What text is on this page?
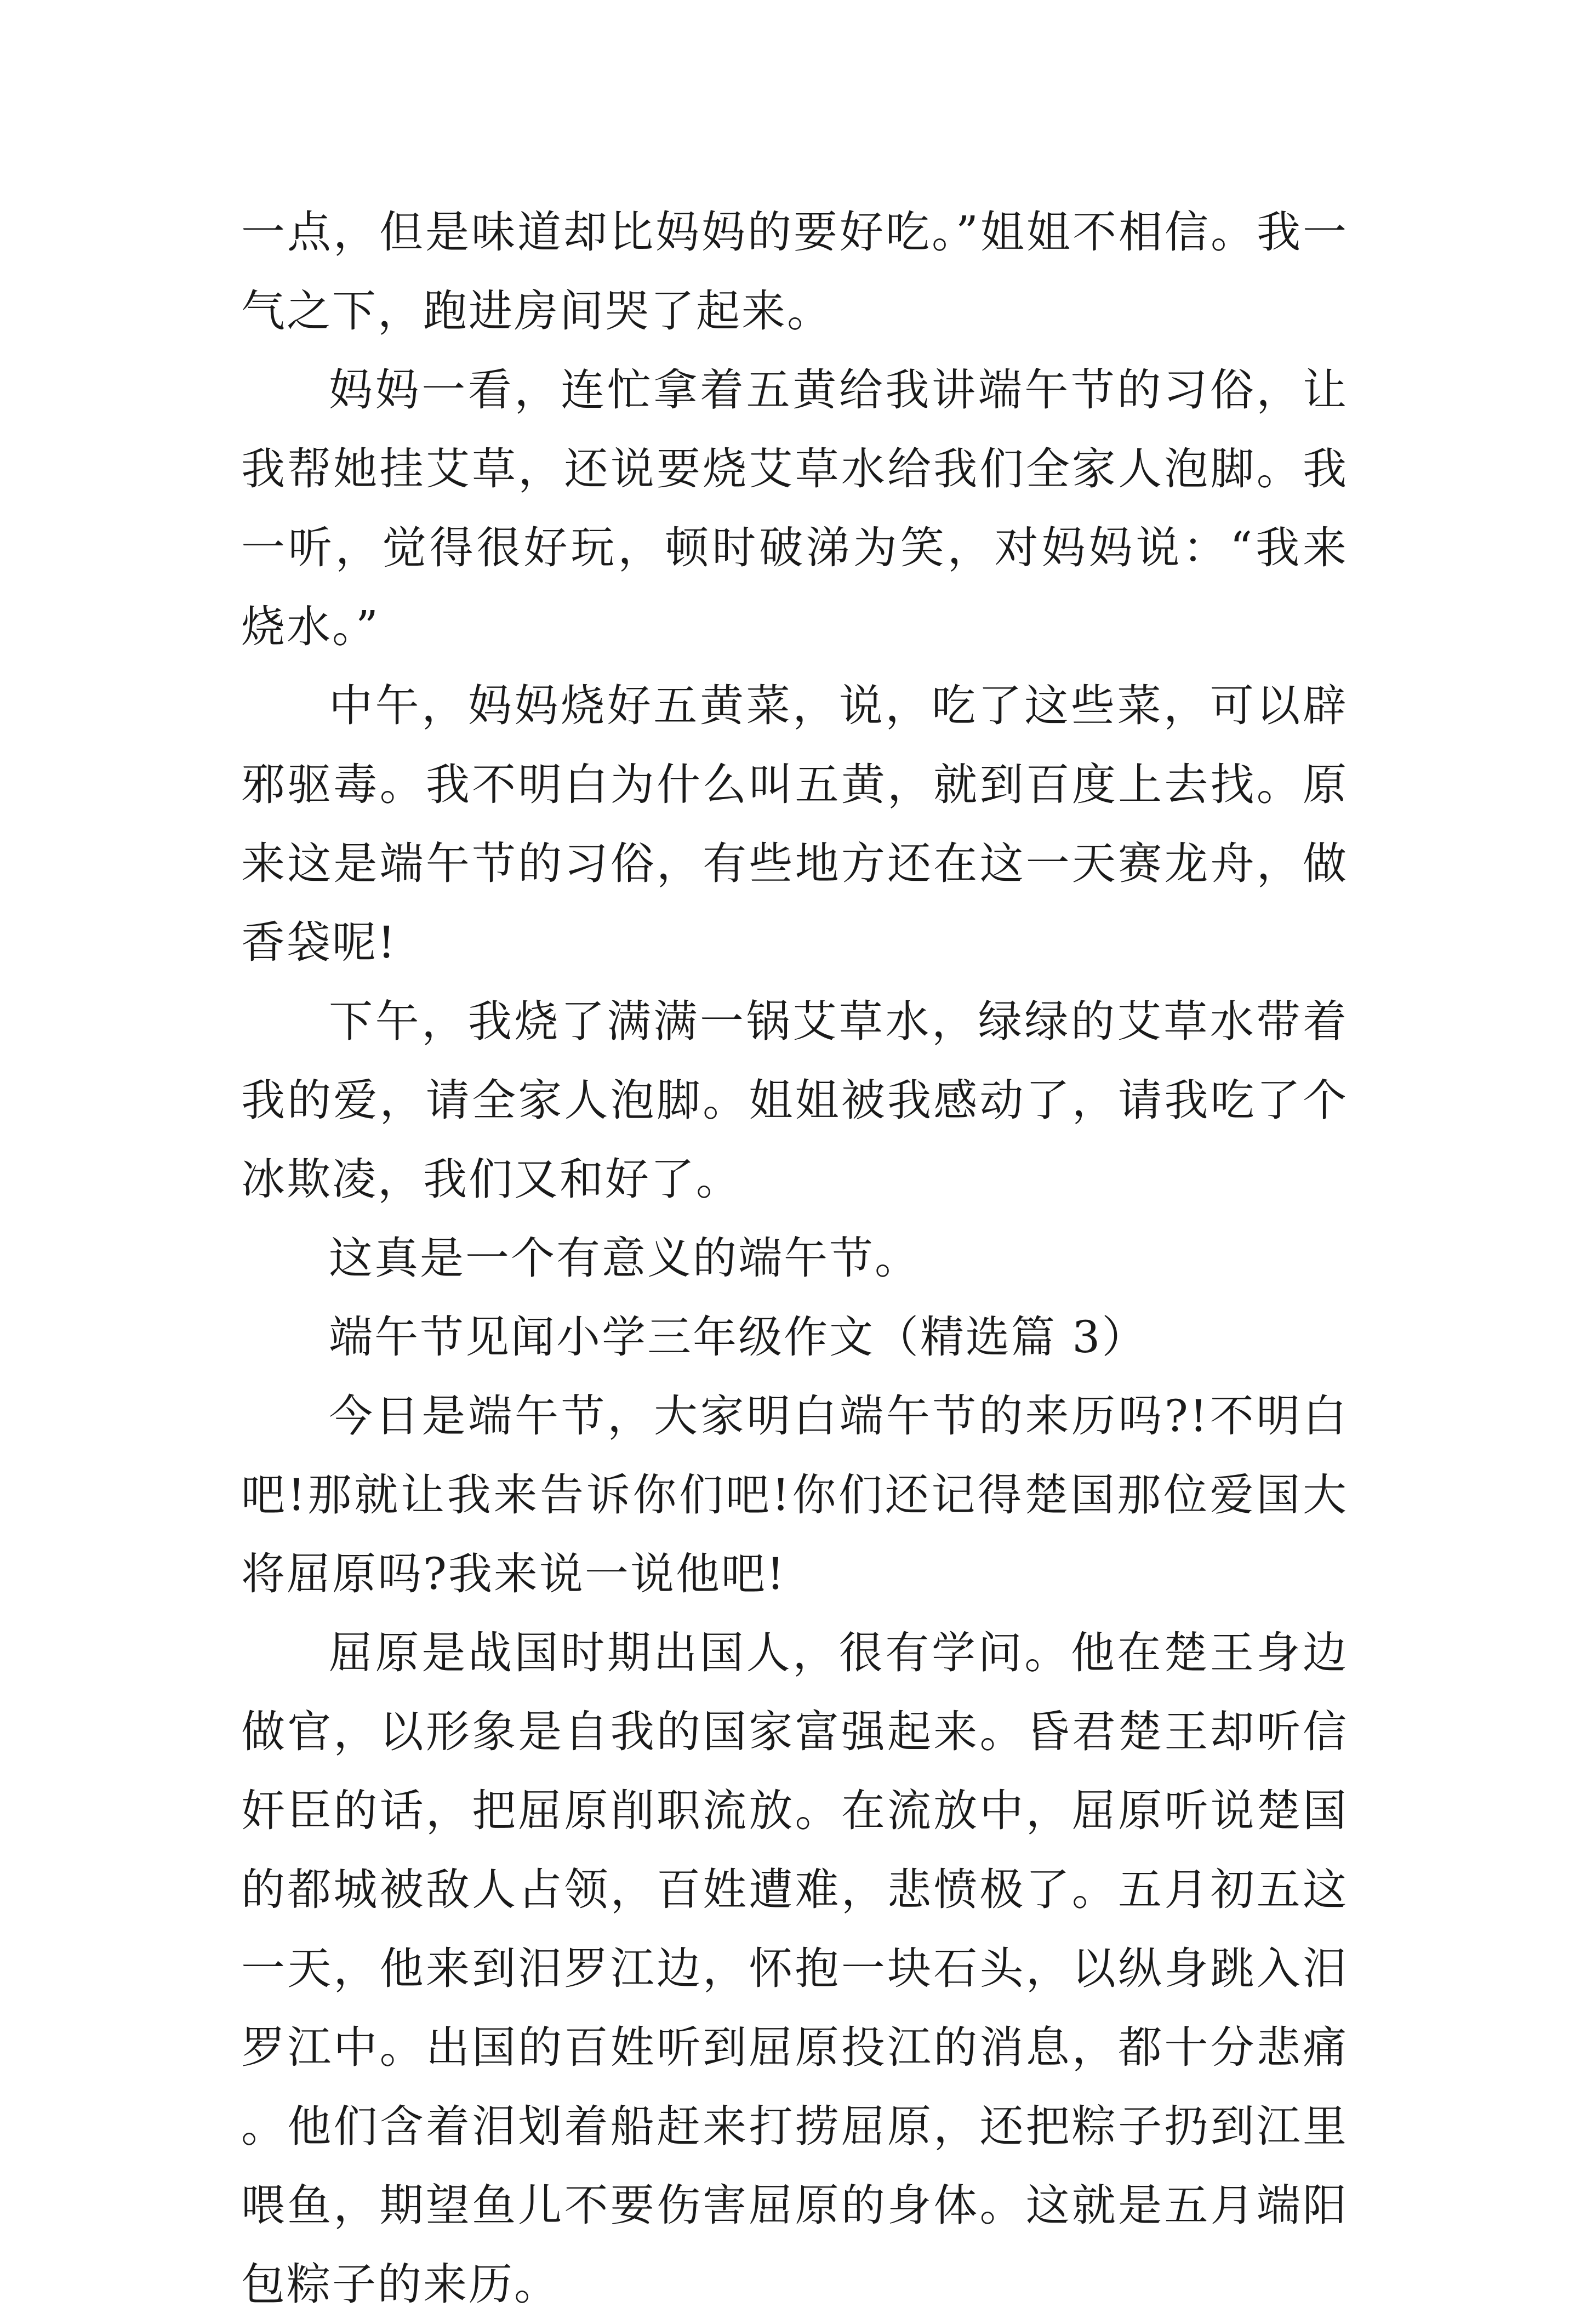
一点，但是味道却比妈妈的要好吃。”姐姐不相信。我一气之下，跑进房间哭了起来。

妈妈一看，连忙拿着五黄给我讲端午节的习俗，让我帮她挂艾草，还说要烧艾草水给我们全家人泡脚。我一听，觉得很好玩，顿时破涕为笑，对妈妈说：“我来烧水。”

中午，妈妈烧好五黄菜，说，吃了这些菜，可以辟邪驱毒。我不明白为什么叫五黄，就到百度上去找。原来这是端午节的习俗，有些地方还在这一天赛龙舟，做香袋呢!

下午，我烧了满满一锅艾草水，绿绿的艾草水带着我的爱，请全家人泡脚。姐姐被我感动了，请我吃了个冰欺凌，我们又和好了。

这真是一个有意义的端午节。

端午节见闻小学三年级作文（精选篇 3）

今日是端午节，大家明白端午节的来历吗?!不明白吧!那就让我来告诉你们吧!你们还记得楚国那位爱国大将屈原吗?我来说一说他吧!

屈原是战国时期出国人，很有学问。他在楚王身边做官，以形象是自我的国家富强起来。昏君楚王却听信奸臣的话，把屈原削职流放。在流放中，屈原听说楚国的都城被敌人占领，百姓遭难，悲愤极了。五月初五这一天，他来到汨罗江边，怀抱一块石头，以纵身跳入汨罗江中。出国的百姓听到屈原投江的消息，都十分悲痛。他们含着泪划着船赶来打捞屈原，还把粽子扔到江里喂鱼，期望鱼儿不要伤害屈原的身体。这就是五月端阳包粽子的来历。
